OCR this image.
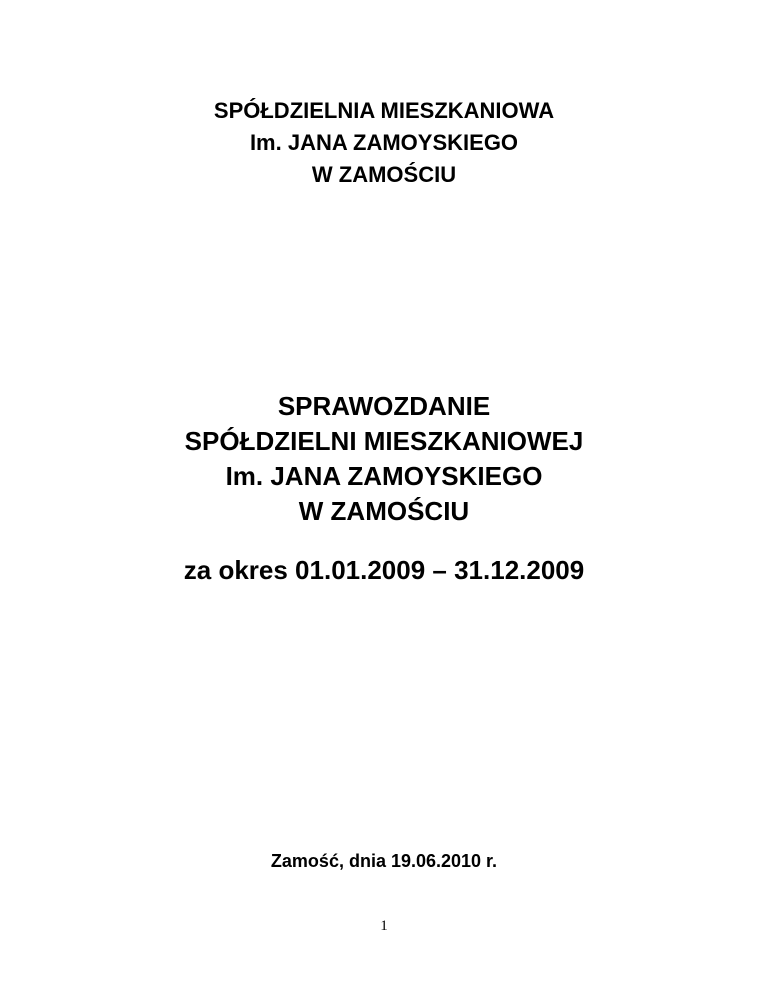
SPÓŁDZIELNIA MIESZKANIOWA
Im. JANA ZAMOYSKIEGO
W ZAMOŚCIU
SPRAWOZDANIE
SPÓŁDZIELNI MIESZKANIOWEJ
Im. JANA ZAMOYSKIEGO
W ZAMOŚCIU
za okres 01.01.2009 – 31.12.2009
Zamość, dnia 19.06.2010 r.
1
